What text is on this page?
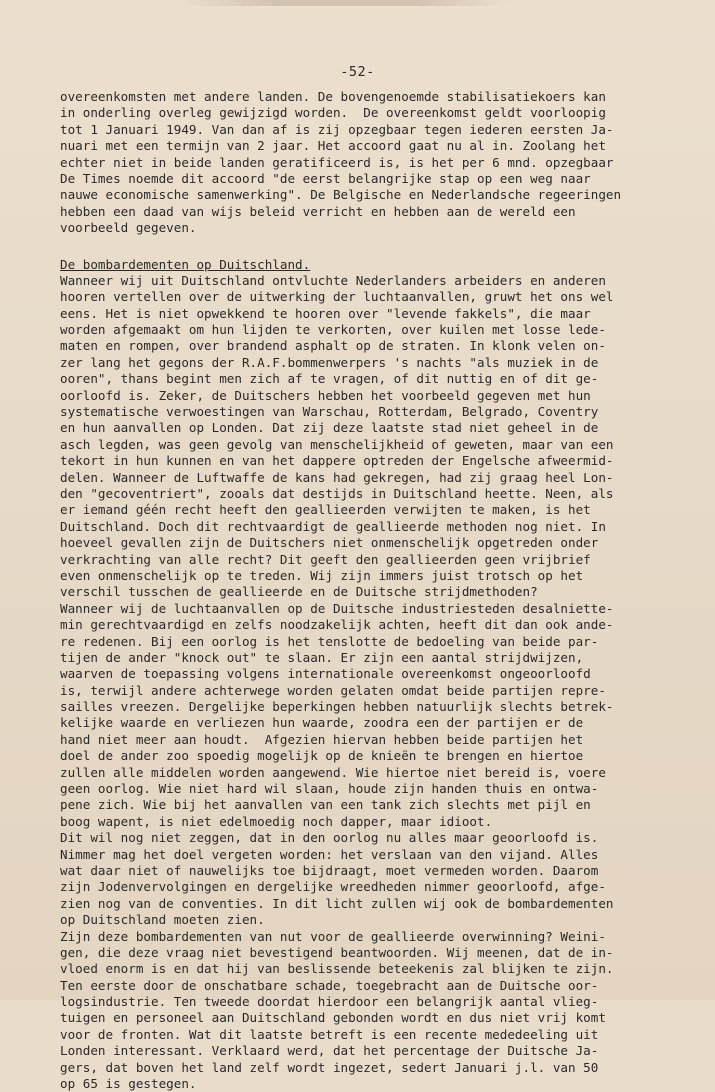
-52-
overeenkomsten met andere landen. De bovengenoemde stabilisatiekoers kan
in onderling overleg gewijzigd worden.  De overeenkomst geldt voorloopig
tot 1 Januari 1949. Van dan af is zij opzegbaar tegen iederen eersten Ja-
nuari met een termijn van 2 jaar. Het accoord gaat nu al in. Zoolang het
echter niet in beide landen geratificeerd is, is het per 6 mnd. opzegbaar
De Times noemde dit accoord "de eerst belangrijke stap op een weg naar
nauwe economische samenwerking". De Belgische en Nederlandsche regeeringen
hebben een daad van wijs beleid verricht en hebben aan de wereld een
voorbeeld gegeven.
De bombardementen op Duitschland.
Wanneer wij uit Duitschland ontvluchte Nederlanders arbeiders en anderen
hooren vertellen over de uitwerking der luchtaanvallen, gruwt het ons wel
eens. Het is niet opwekkend te hooren over "levende fakkels", die maar
worden afgemaakt om hun lijden te verkorten, over kuilen met losse lede-
maten en rompen, over brandend asphalt op de straten. In klonk velen on-
zer lang het gegons der R.A.F.bommenwerpers 's nachts "als muziek in de
ooren", thans begint men zich af te vragen, of dit nuttig en of dit ge-
oorloofd is. Zeker, de Duitschers hebben het voorbeeld gegeven met hun
systematische verwoestingen van Warschau, Rotterdam, Belgrado, Coventry
en hun aanvallen op Londen. Dat zij deze laatste stad niet geheel in de
asch legden, was geen gevolg van menschelijkheid of geweten, maar van een
tekort in hun kunnen en van het dappere optreden der Engelsche afweermid-
delen. Wanneer de Luftwaffe de kans had gekregen, had zij graag heel Lon-
den "gecoventriert", zooals dat destijds in Duitschland heette. Neen, als
er iemand géén recht heeft den geallieerden verwijten te maken, is het
Duitschland. Doch dit rechtvaardigt de geallieerde methoden nog niet. In
hoeveel gevallen zijn de Duitschers niet onmenschelijk opgetreden onder
verkrachting van alle recht? Dit geeft den geallieerden geen vrijbrief
even onmenschelijk op te treden. Wij zijn immers juist trotsch op het
verschil tusschen de geallieerde en de Duitsche strijdmethoden?
Wanneer wij de luchtaanvallen op de Duitsche industriesteden desalniette-
min gerechtvaardigd en zelfs noodzakelijk achten, heeft dit dan ook ande-
re redenen. Bij een oorlog is het tenslotte de bedoeling van beide par-
tijen de ander "knock out" te slaan. Er zijn een aantal strijdwijzen,
waarven de toepassing volgens internationale overeenkomst ongeoorloofd
is, terwijl andere achterwege worden gelaten omdat beide partijen repre-
sailles vreezen. Dergelijke beperkingen hebben natuurlijk slechts betrek-
kelijke waarde en verliezen hun waarde, zoodra een der partijen er de
hand niet meer aan houdt.  Afgezien hiervan hebben beide partijen het
doel de ander zoo spoedig mogelijk op de knieën te brengen en hiertoe
zullen alle middelen worden aangewend. Wie hiertoe niet bereid is, voere
geen oorlog. Wie niet hard wil slaan, houde zijn handen thuis en ontwa-
pene zich. Wie bij het aanvallen van een tank zich slechts met pijl en
boog wapent, is niet edelmoedig noch dapper, maar idioot.
Dit wil nog niet zeggen, dat in den oorlog nu alles maar geoorloofd is.
Nimmer mag het doel vergeten worden: het verslaan van den vijand. Alles
wat daar niet of nauwelijks toe bijdraagt, moet vermeden worden. Daarom
zijn Jodenvervolgingen en dergelijke wreedheden nimmer geoorloofd, afge-
zien nog van de conventies. In dit licht zullen wij ook de bombardementen
op Duitschland moeten zien.
Zijn deze bombardementen van nut voor de geallieerde overwinning? Weini-
gen, die deze vraag niet bevestigend beantwoorden. Wij meenen, dat de in-
vloed enorm is en dat hij van beslissende beteekenis zal blijken te zijn.
Ten eerste door de onschatbare schade, toegebracht aan de Duitsche oor-
logsindustrie. Ten tweede doordat hierdoor een belangrijk aantal vlieg-
tuigen en personeel aan Duitschland gebonden wordt en dus niet vrij komt
voor de fronten. Wat dit laatste betreft is een recente mededeeling uit
Londen interessant. Verklaard werd, dat het percentage der Duitsche Ja-
gers, dat boven het land zelf wordt ingezet, sedert Januari j.l. van 50
op 65 is gestegen.
